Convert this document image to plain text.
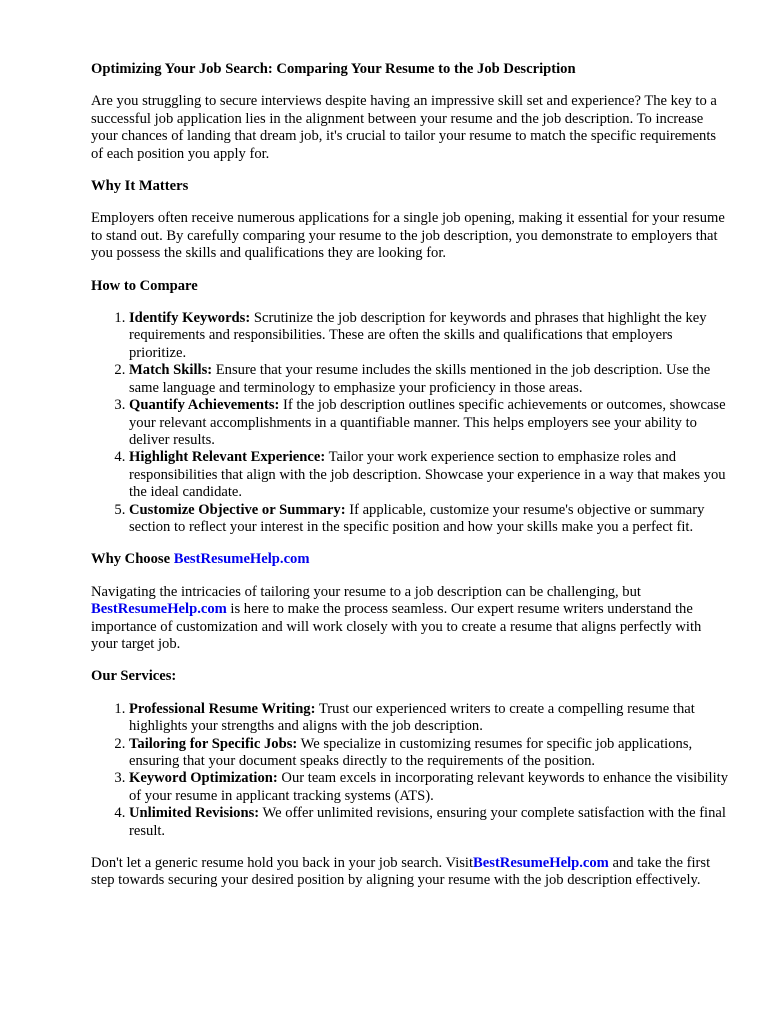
Optimizing Your Job Search: Comparing Your Resume to the Job Description

Are you struggling to secure interviews despite having an impressive skill set and experience? The key to a successful job application lies in the alignment between your resume and the job description. To increase your chances of landing that dream job, it's crucial to tailor your resume to match the specific requirements of each position you apply for.

Why It Matters

Employers often receive numerous applications for a single job opening, making it essential for your resume to stand out. By carefully comparing your resume to the job description, you demonstrate to employers that you possess the skills and qualifications they are looking for.

How to Compare
1. Identify Keywords: Scrutinize the job description for keywords and phrases that highlight the key requirements and responsibilities. These are often the skills and qualifications that employers prioritize.
2. Match Skills: Ensure that your resume includes the skills mentioned in the job description. Use the same language and terminology to emphasize your proficiency in those areas.
3. Quantify Achievements: If the job description outlines specific achievements or outcomes, showcase your relevant accomplishments in a quantifiable manner. This helps employers see your ability to deliver results.
4. Highlight Relevant Experience: Tailor your work experience section to emphasize roles and responsibilities that align with the job description. Showcase your experience in a way that makes you the ideal candidate.
5. Customize Objective or Summary: If applicable, customize your resume's objective or summary section to reflect your interest in the specific position and how your skills make you a perfect fit.
Why Choose BestResumeHelp.com

Navigating the intricacies of tailoring your resume to a job description can be challenging, but BestResumeHelp.com is here to make the process seamless. Our expert resume writers understand the importance of customization and will work closely with you to create a resume that aligns perfectly with your target job.

Our Services:
1. Professional Resume Writing: Trust our experienced writers to create a compelling resume that highlights your strengths and aligns with the job description.
2. Tailoring for Specific Jobs: We specialize in customizing resumes for specific job applications, ensuring that your document speaks directly to the requirements of the position.
3. Keyword Optimization: Our team excels in incorporating relevant keywords to enhance the visibility of your resume in applicant tracking systems (ATS).
4. Unlimited Revisions: We offer unlimited revisions, ensuring your complete satisfaction with the final result.

Don't let a generic resume hold you back in your job search. VisitBestResumeHelp.com and take the first step towards securing your desired position by aligning your resume with the job description effectively.
